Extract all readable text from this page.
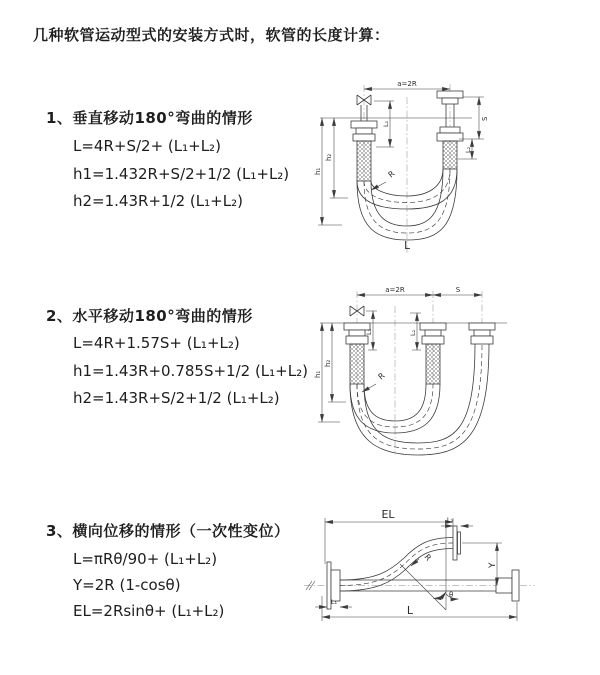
几种软管运动型式的安装方式时，软管的长度计算：
1、垂直移动180°弯曲的情形
L=4R+S/2+ (L₁+L₂)
h1=1.432R+S/2+1/2 (L₁+L₂)
h2=1.43R+1/2 (L₁+L₂)
a=2R
h₁
h₂
L₁
S
L₂
R
L
2、水平移动180°弯曲的情形
L=4R+1.57S+ (L₁+L₂)
h1=1.43R+0.785S+1/2 (L₁+L₂)
h2=1.43R+S/2+1/2 (L₁+L₂)
a=2R	S
h₁
h₂
L₁	L₂
R
3、横向位移的情形（一次性变位）
L=πRθ/90+ (L₁+L₂)
Y=2R (1-cosθ)
EL=2Rsinθ+ (L₁+L₂)
EL	L₂
θ
R
Y
L
L₁
